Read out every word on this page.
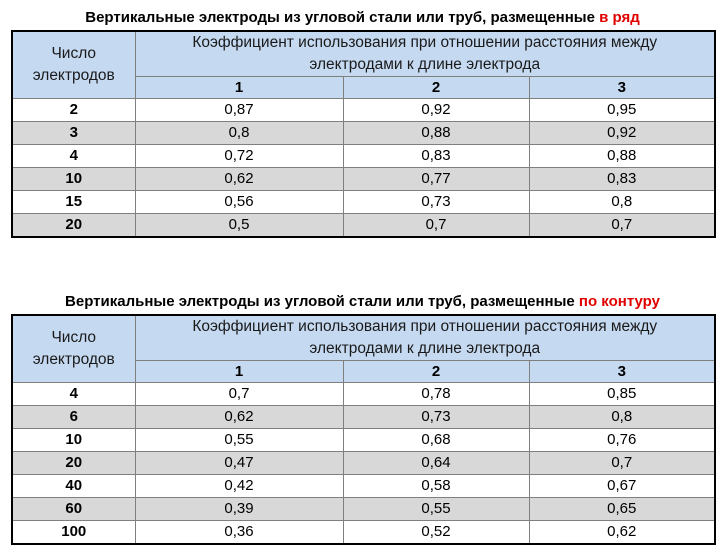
Вертикальные электроды из угловой стали или труб, размещенные в ряд
Число электродов	Коэффициент использования при отношении расстояния между электродами к длине электрода		
	1	2	3
2	0,87	0,92	0,95
3	0,8	0,88	0,92
4	0,72	0,83	0,88
10	0,62	0,77	0,83
15	0,56	0,73	0,8
20	0,5	0,7	0,7
Вертикальные электроды из угловой стали или труб, размещенные по контуру
Число электродов	Коэффициент использования при отношении расстояния между электродами к длине электрода		
	1	2	3
4	0,7	0,78	0,85
6	0,62	0,73	0,8
10	0,55	0,68	0,76
20	0,47	0,64	0,7
40	0,42	0,58	0,67
60	0,39	0,55	0,65
100	0,36	0,52	0,62
